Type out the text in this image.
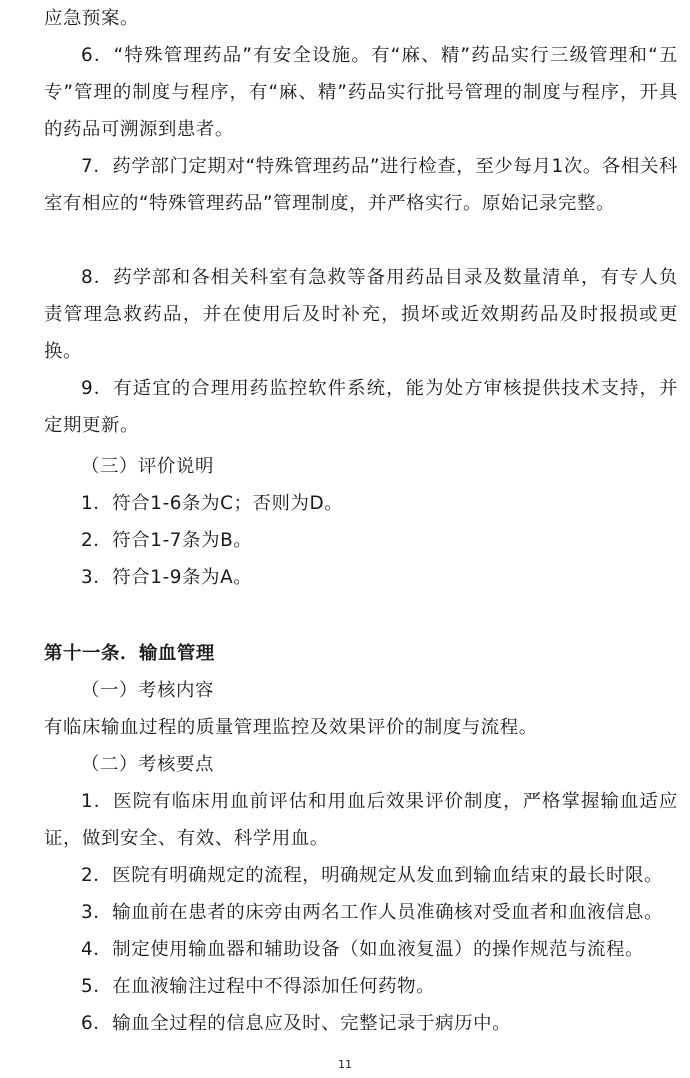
应急预案。

6．“特殊管理药品”有安全设施。有“麻、精”药品实行三级管理和“五专”管理的制度与程序，有“麻、精”药品实行批号管理的制度与程序，开具的药品可溯源到患者。

7．药学部门定期对“特殊管理药品”进行检查，至少每月1次。各相关科室有相应的“特殊管理药品”管理制度，并严格实行。原始记录完整。

8．药学部和各相关科室有急救等备用药品目录及数量清单，有专人负责管理急救药品，并在使用后及时补充，损坏或近效期药品及时报损或更换。

9．有适宜的合理用药监控软件系统，能为处方审核提供技术支持，并定期更新。

（三）评价说明

1．符合1-6条为C；否则为D。

2．符合1-7条为B。

3．符合1-9条为A。

第十一条．输血管理

（一）考核内容

有临床输血过程的质量管理监控及效果评价的制度与流程。

（二）考核要点

1．医院有临床用血前评估和用血后效果评价制度，严格掌握输血适应证，做到安全、有效、科学用血。

2．医院有明确规定的流程，明确规定从发血到输血结束的最长时限。

3．输血前在患者的床旁由两名工作人员准确核对受血者和血液信息。

4．制定使用输血器和辅助设备（如血液复温）的操作规范与流程。

5．在血液输注过程中不得添加任何药物。

6．输血全过程的信息应及时、完整记录于病历中。

11
